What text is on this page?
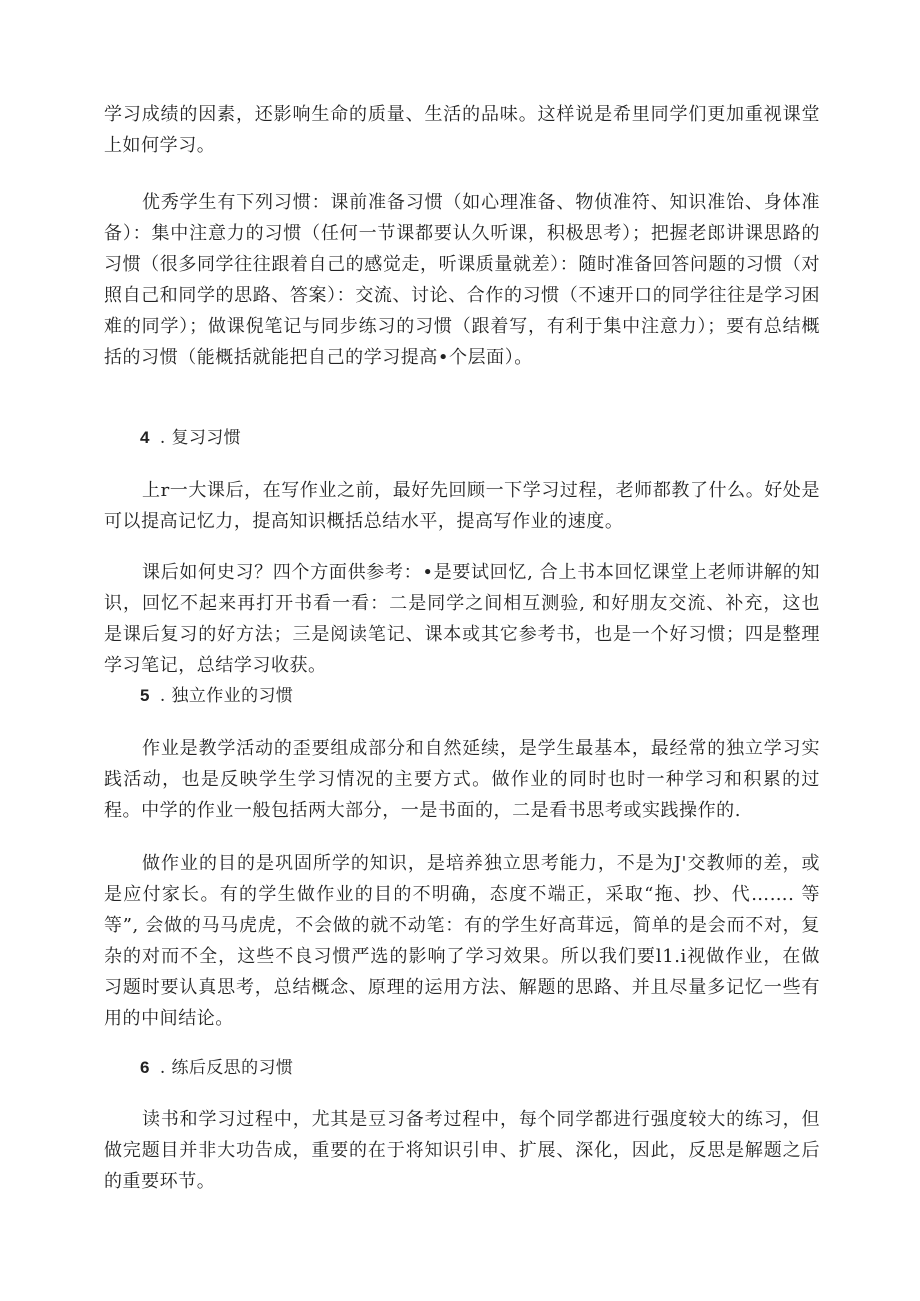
学习成绩的因素，还影响生命的质量、生活的品味。这样说是希里同学们更加重视课堂上如何学习。

优秀学生有下列习惯：课前准备习惯（如心理准备、物侦准符、知识准饴、身体准备）：集中注意力的习惯（任何一节课都要认久听课，积极思考）；把握老郎讲课思路的习惯（很多同学往往跟着自己的感觉走，听课质量就差）：随时准备回答问题的习惯（对照自己和同学的思路、答案）：交流、讨论、合作的习惯（不速开口的同学往往是学习困难的同学）；做课倪笔记与同步练习的习惯（跟着写，有利于集中注意力）；要有总结概括的习惯（能概括就能把自己的学习提高•个层面）。

4 . 复习习惯

上r一大课后，在写作业之前，最好先回顾一下学习过程，老师都教了什么。好处是可以提高记忆力，提高知识概括总结水平，提高写作业的速度。

课后如何史习？四个方面供参考：•是要试回忆, 合上书本回忆课堂上老师讲解的知识，回忆不起来再打开书看一看：二是同学之间相互测验, 和好朋友交流、补充，这也是课后复习的好方法；三是阅读笔记、课本或其它参考书，也是一个好习惯；四是整理学习笔记，总结学习收获。

5 . 独立作业的习惯

作业是教学活动的歪要组成部分和自然延续，是学生最基本，最经常的独立学习实践活动，也是反映学生学习情况的主要方式。做作业的同时也时一种学习和积累的过程。中学的作业一般包括两大部分，一是书面的，二是看书思考或实践操作的.

做作业的目的是巩固所学的知识，是培养独立思考能力，不是为J'交教师的差，或是应付家长。有的学生做作业的目的不明确，态度不端正，采取“拖、抄、代……. 等等”, 会做的马马虎虎，不会做的就不动笔：有的学生好高茸远，简单的是会而不对，复杂的对而不全，这些不良习惯严选的影响了学习效果。所以我们要l1.i视做作业，在做习题时要认真思考，总结概念、原理的运用方法、解题的思路、并且尽量多记忆一些有用的中间结论。

6 . 练后反思的习惯

读书和学习过程中，尤其是豆习备考过程中，每个同学都进行强度较大的练习，但做完题目并非大功告成，重要的在于将知识引申、扩展、深化，因此，反思是解题之后的重要环节。
